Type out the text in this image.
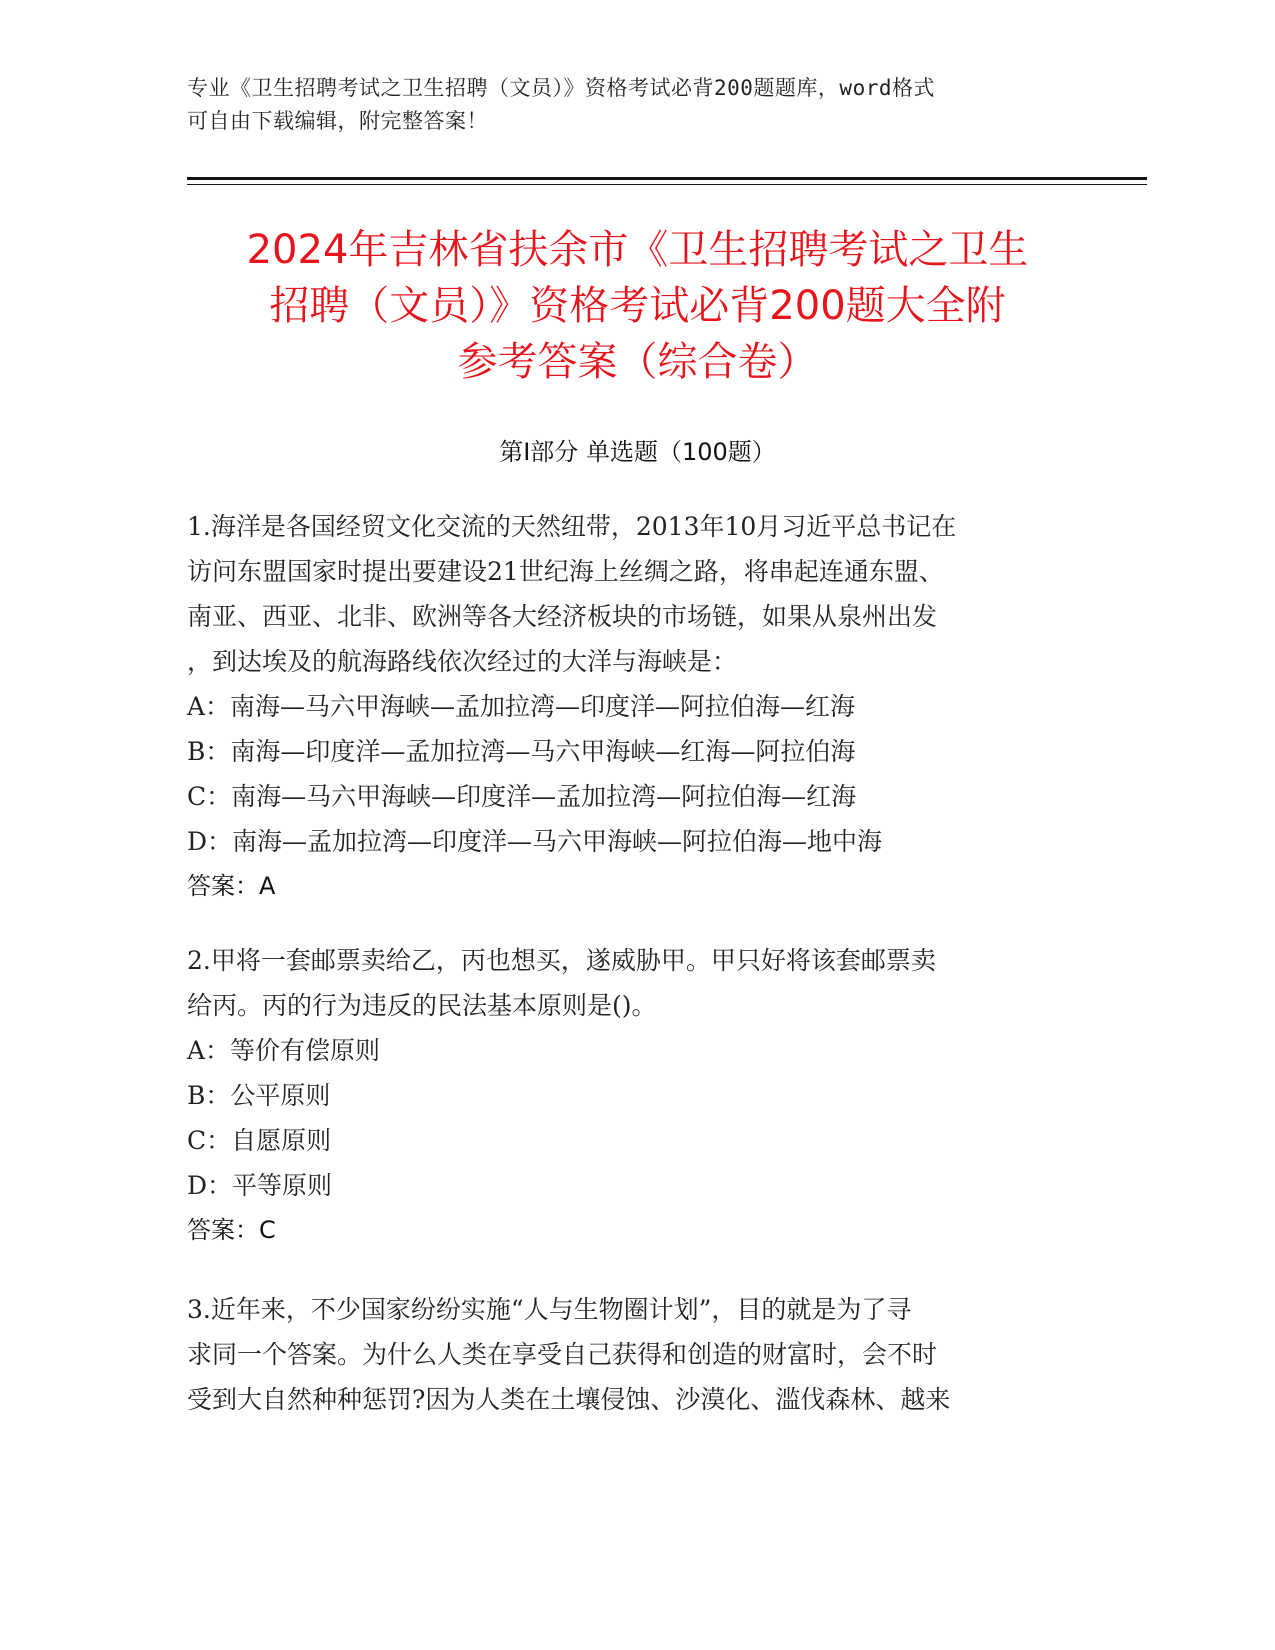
专业《卫生招聘考试之卫生招聘（文员）》资格考试必背200题题库，word格式
可自由下载编辑，附完整答案！
2024年吉林省扶余市《卫生招聘考试之卫生
招聘（文员）》资格考试必背200题大全附
参考答案（综合卷）
第Ⅰ部分 单选题（100题）
1.海洋是各国经贸文化交流的天然纽带，2013年10月习近平总书记在
访问东盟国家时提出要建设21世纪海上丝绸之路，将串起连通东盟、
南亚、西亚、北非、欧洲等各大经济板块的市场链，如果从泉州出发
，到达埃及的航海路线依次经过的大洋与海峡是：
A：南海—马六甲海峡—孟加拉湾—印度洋—阿拉伯海—红海
B：南海—印度洋—孟加拉湾—马六甲海峡—红海—阿拉伯海
C：南海—马六甲海峡—印度洋—孟加拉湾—阿拉伯海—红海
D：南海—孟加拉湾—印度洋—马六甲海峡—阿拉伯海—地中海
答案：A
2.甲将一套邮票卖给乙，丙也想买，遂威胁甲。甲只好将该套邮票卖
给丙。丙的行为违反的民法基本原则是()。
A：等价有偿原则
B：公平原则
C：自愿原则
D：平等原则
答案：C
3.近年来，不少国家纷纷实施“人与生物圈计划”，目的就是为了寻
求同一个答案。为什么人类在享受自己获得和创造的财富时，会不时
受到大自然种种惩罚?因为人类在土壤侵蚀、沙漠化、滥伐森林、越来
